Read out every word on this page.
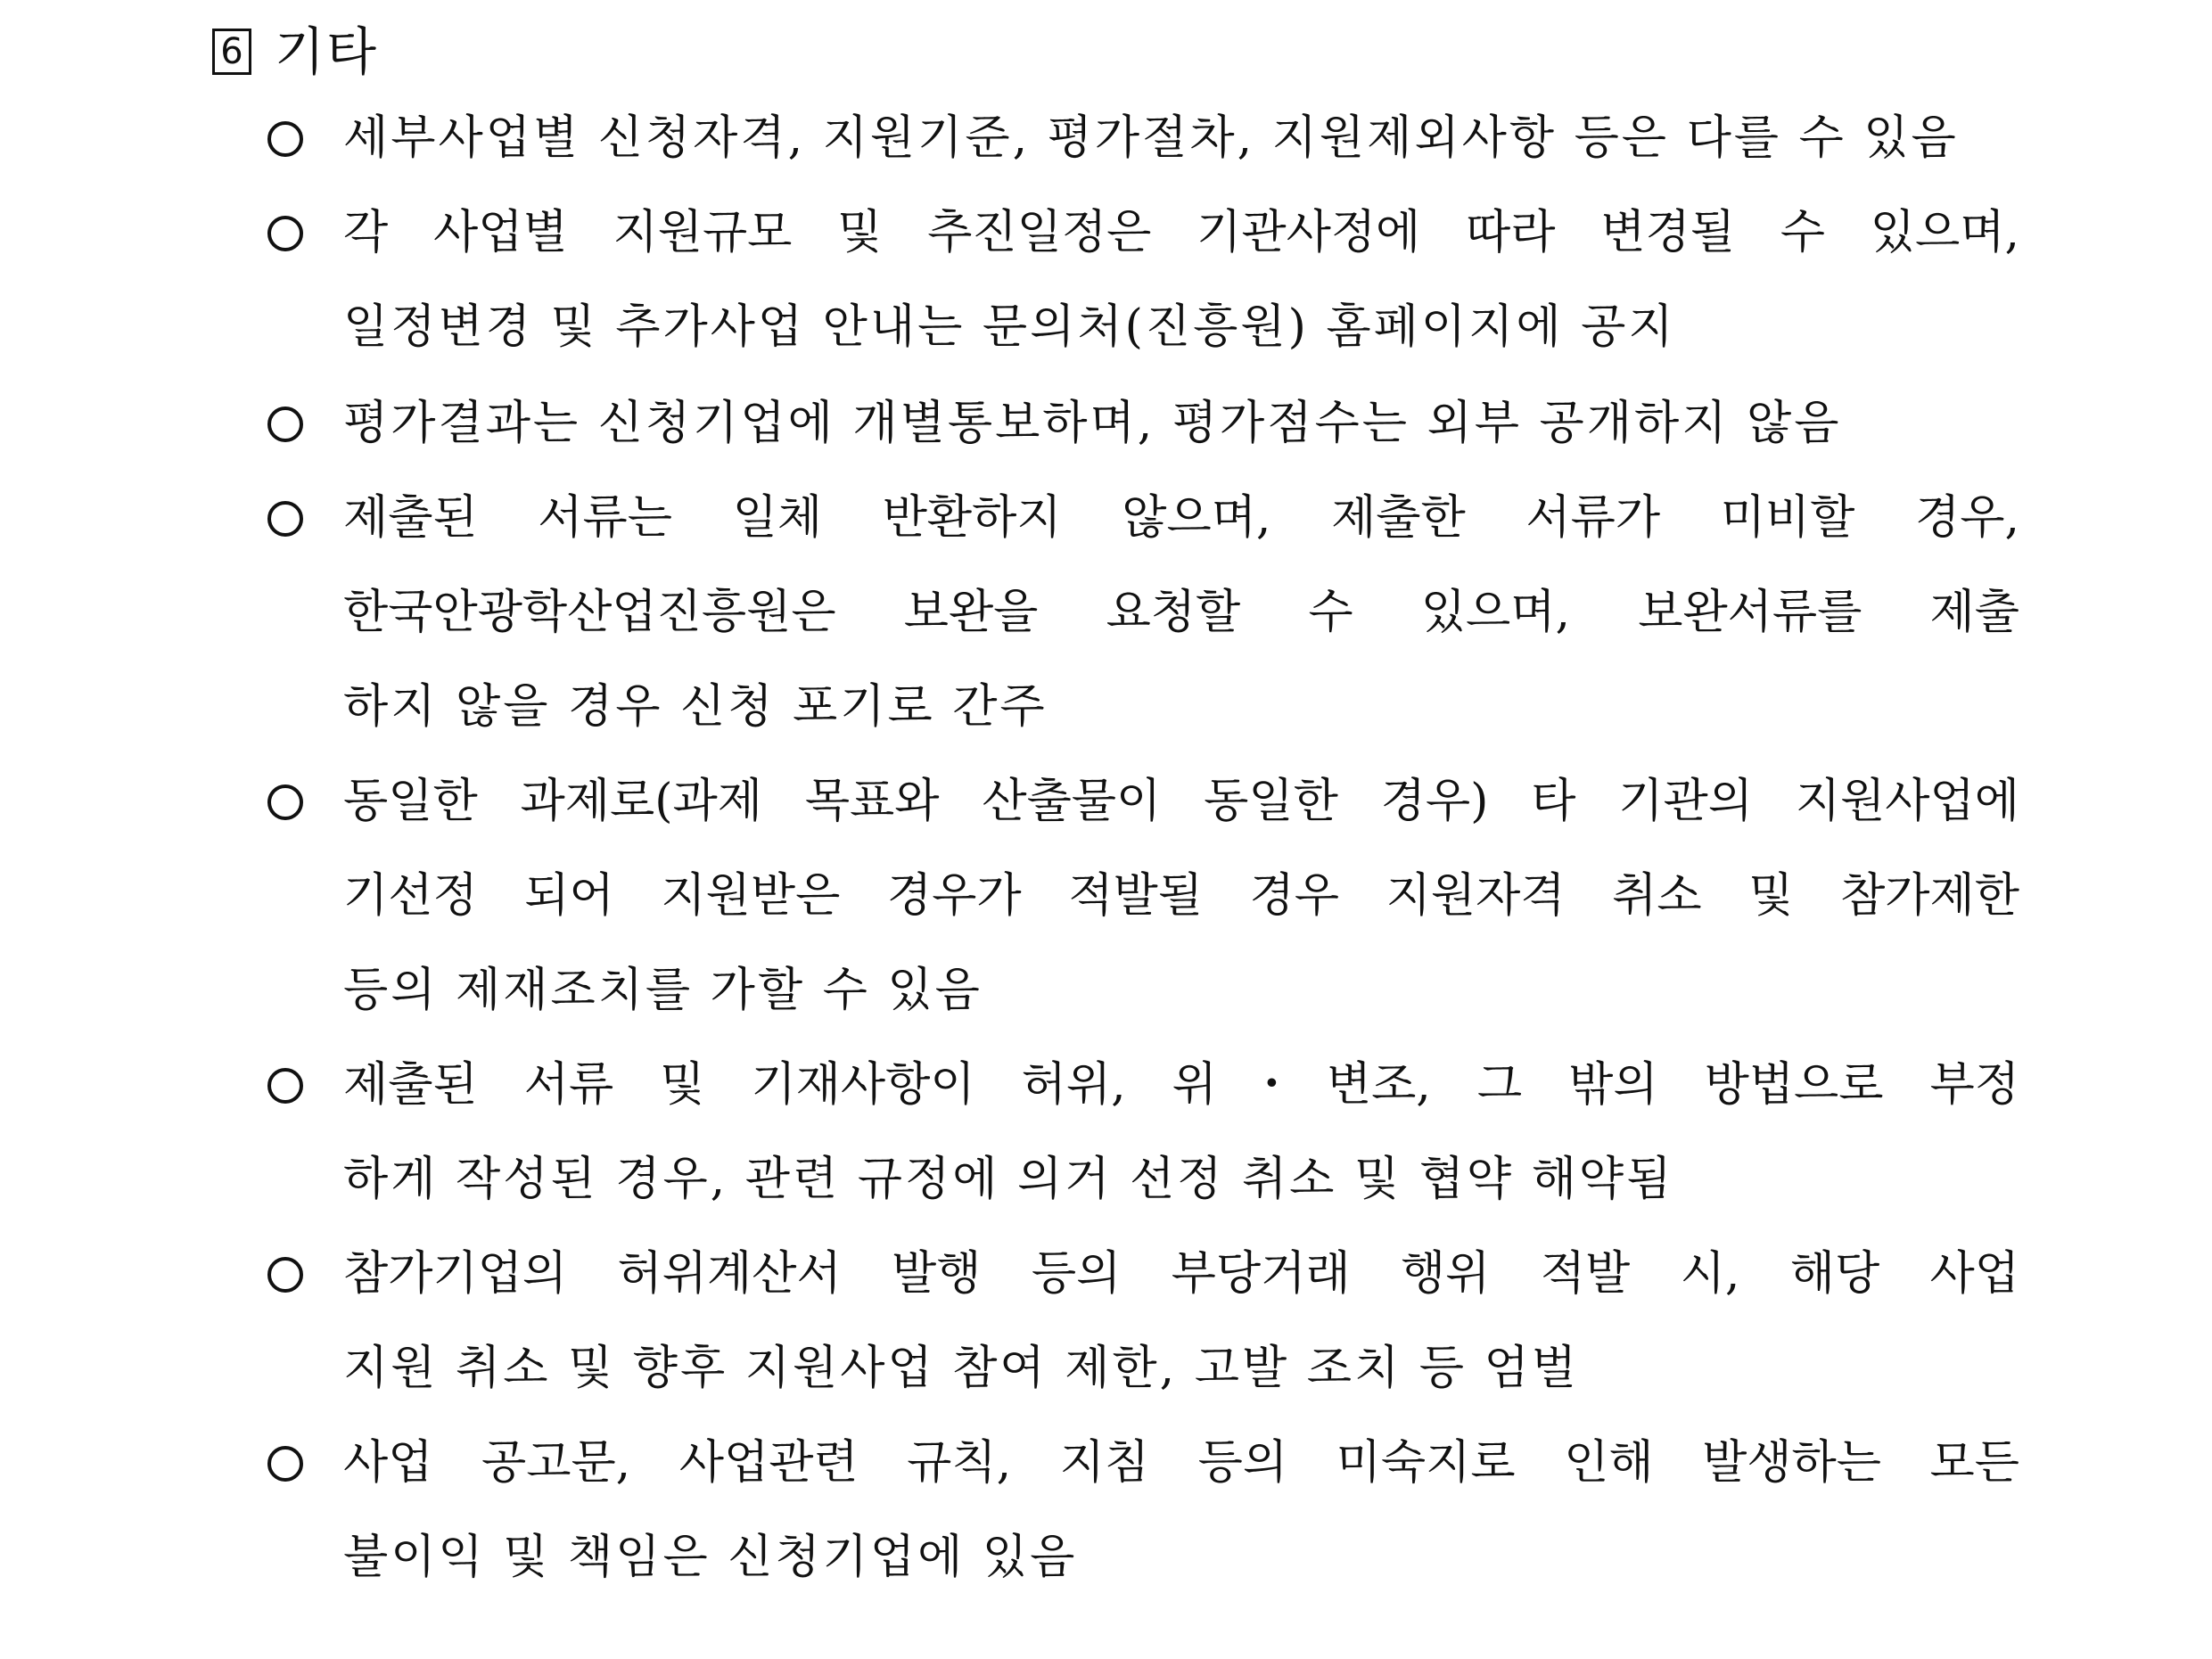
6 기타
세부사업별 신청자격, 지원기준, 평가절차, 지원제외사항 등은 다를 수 있음
각 사업별 지원규모 및 추진일정은 기관사정에 따라 변경될 수 있으며,
일정변경 및 추가사업 안내는 문의처(진흥원) 홈페이지에 공지
평가결과는 신청기업에 개별통보하며, 평가점수는 외부 공개하지 않음
제출된 서류는 일체 반환하지 않으며, 제출한 서류가 미비할 경우,
한국안광학산업진흥원은 보완을 요청할 수 있으며, 보완서류를 제출
하지 않을 경우 신청 포기로 간주
동일한 과제로(과제 목표와 산출물이 동일한 경우) 타 기관의 지원사업에
기선정 되어 지원받은 경우가 적발될 경우 지원자격 취소 및 참가제한
등의 제재조치를 가할 수 있음
제출된 서류 및 기재사항이 허위, 위・변조, 그 밖의 방법으로 부정
하게 작성된 경우, 관련 규정에 의거 선정 취소 및 협약 해약됨
참가기업의 허위계산서 발행 등의 부당거래 행위 적발 시, 해당 사업
지원 취소 및 향후 지원사업 참여 제한, 고발 조치 등 엄벌
사업 공고문, 사업관련 규칙, 지침 등의 미숙지로 인해 발생하는 모든
불이익 및 책임은 신청기업에 있음
